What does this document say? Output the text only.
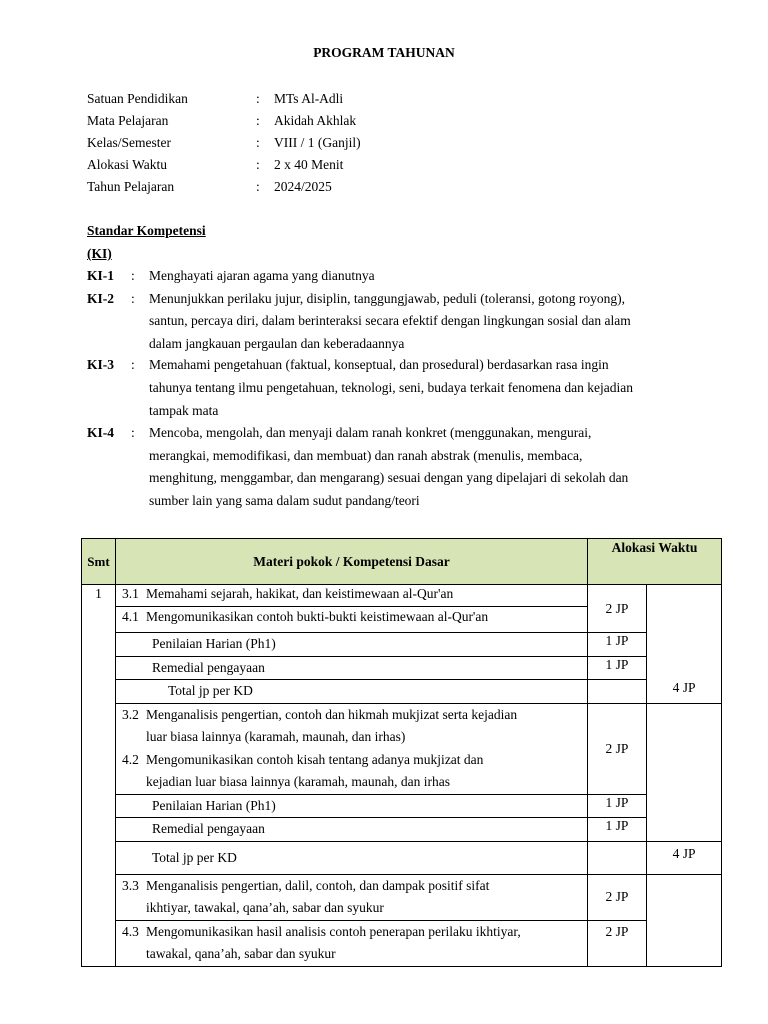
PROGRAM TAHUNAN
Satuan Pendidikan	: MTs Al-Adli
Mata Pelajaran	: Akidah Akhlak
Kelas/Semester	: VIII / 1 (Ganjil)
Alokasi Waktu	: 2 x 40 Menit
Tahun Pelajaran	: 2024/2025
Standar Kompetensi
(KI)
KI-1 : Menghayati ajaran agama yang dianutnya
KI-2 : Menunjukkan perilaku jujur, disiplin, tanggungjawab, peduli (toleransi, gotong royong),
santun, percaya diri, dalam berinteraksi secara efektif dengan lingkungan sosial dan alam
dalam jangkauan pergaulan dan keberadaannya
KI-3 : Memahami pengetahuan (faktual, konseptual, dan prosedural) berdasarkan rasa ingin
tahunya tentang ilmu pengetahuan, teknologi, seni, budaya terkait fenomena dan kejadian
tampak mata
KI-4 : Mencoba, mengolah, dan menyaji dalam ranah konkret (menggunakan, mengurai,
merangkai, memodifikasi, dan membuat) dan ranah abstrak (menulis, membaca,
menghitung, menggambar, dan mengarang) sesuai dengan yang dipelajari di sekolah dan
sumber lain yang sama dalam sudut pandang/teori
Smt	Materi pokok / Kompetensi Dasar	Alokasi Waktu	
1	3.1 Memahami sejarah, hakikat, dan keistimewaan al-Qur'an	2 JP	

	4.1 Mengomunikasikan contoh bukti-bukti keistimewaan al-Qur'an		

	Penilaian Harian (Ph1)	1 JP	

	Remedial pengayaan	1 JP	

	Total jp per KD		4 JP

	3.2 Menganalisis pengertian, contoh dan hikmah mukjizat serta kejadian
luar biasa lainnya (karamah, maunah, dan irhas)
4.2 Mengomunikasikan contoh kisah tentang adanya mukjizat dan
kejadian luar biasa lainnya (karamah, maunah, dan irhas	2 JP	

	Penilaian Harian (Ph1)	1 JP	

	Remedial pengayaan	1 JP	

	Total jp per KD		4 JP

	3.3 Menganalisis pengertian, dalil, contoh, dan dampak positif sifat
ikhtiyar, tawakal, qana’ah, sabar dan syukur	2 JP	

	4.3 Mengomunikasikan hasil analisis contoh penerapan perilaku ikhtiyar,
tawakal, qana’ah, sabar dan syukur	2 JP	
